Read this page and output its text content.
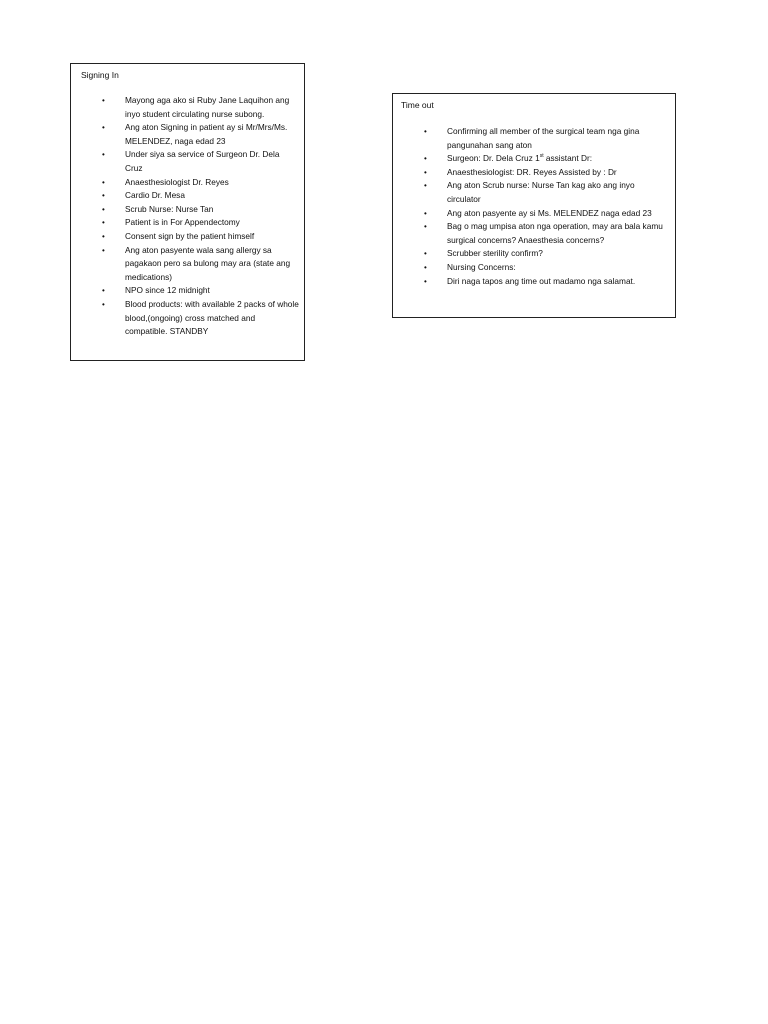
Signing In
• Mayong aga ako si Ruby Jane Laquihon ang inyo student circulating nurse subong.
• Ang aton Signing in patient ay si Mr/Mrs/Ms. MELENDEZ, naga edad 23
• Under siya sa service of Surgeon Dr. Dela Cruz
• Anaesthesiologist Dr. Reyes
• Cardio Dr. Mesa
• Scrub Nurse: Nurse Tan
• Patient is in For Appendectomy
• Consent sign by the patient himself
• Ang aton pasyente wala sang allergy sa pagakaon pero sa bulong may ara (state ang medications)
• NPO since 12 midnight
• Blood products: with available 2 packs of whole blood,(ongoing) cross matched and compatible. STANDBY
Time out
• Confirming all member of the surgical team nga gina pangunahan sang aton
• Surgeon: Dr. Dela Cruz 1st assistant Dr:
• Anaesthesiologist: DR. Reyes Assisted by : Dr
• Ang aton Scrub nurse: Nurse Tan kag ako ang inyo circulator
• Ang aton pasyente ay si Ms. MELENDEZ naga edad 23
• Bag o mag umpisa aton nga operation, may ara bala kamu surgical concerns? Anaesthesia concerns?
• Scrubber sterility confirm?
• Nursing Concerns:
• Diri naga tapos ang time out madamo nga salamat.
